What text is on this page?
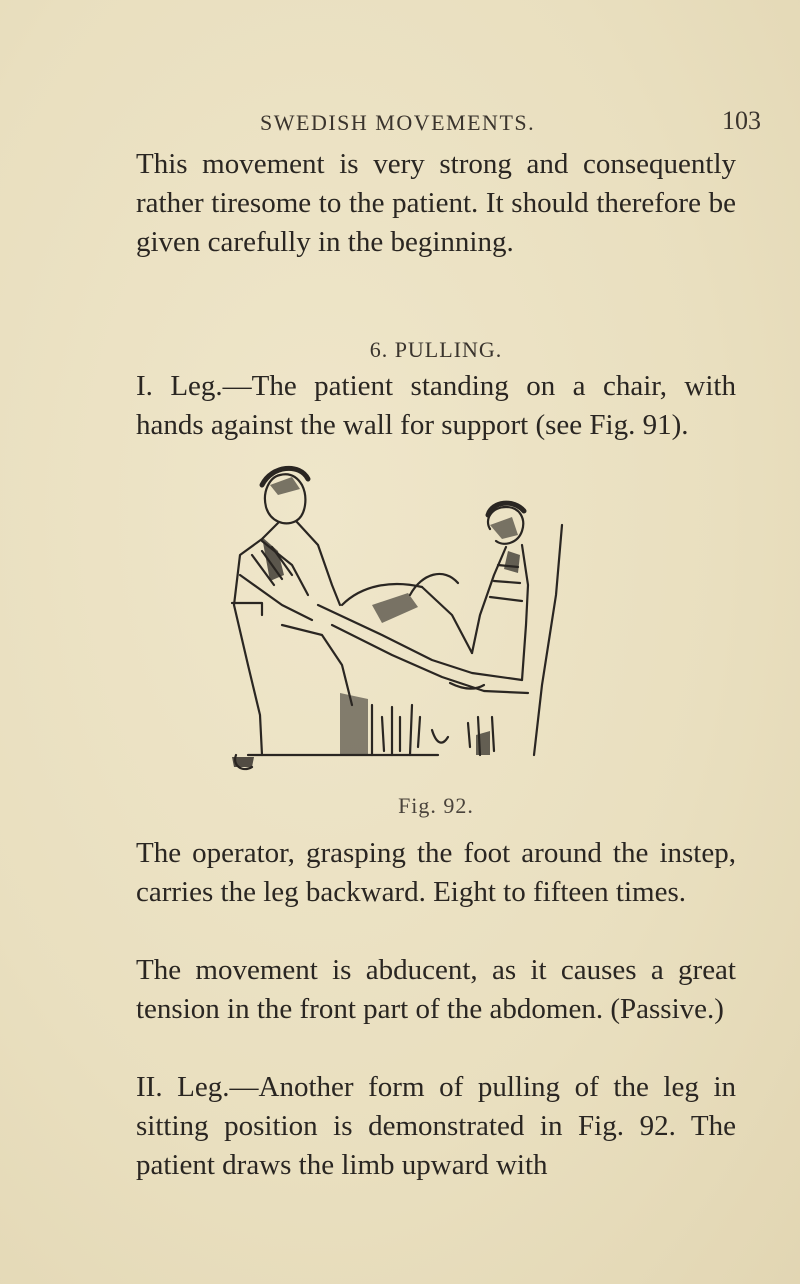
SWEDISH MOVEMENTS.	103

This movement is very strong and consequently rather tiresome to the patient. It should therefore be given carefully in the beginning.

6. PULLING.

I. Leg.—The patient standing on a chair, with hands against the wall for support (see Fig. 91).

Fig. 92.

The operator, grasping the foot around the instep, carries the leg backward. Eight to fifteen times.

The movement is abducent, as it causes a great tension in the front part of the abdomen. (Passive.)

II. Leg.—Another form of pulling of the leg in sitting position is demonstrated in Fig. 92. The patient draws the limb upward with
